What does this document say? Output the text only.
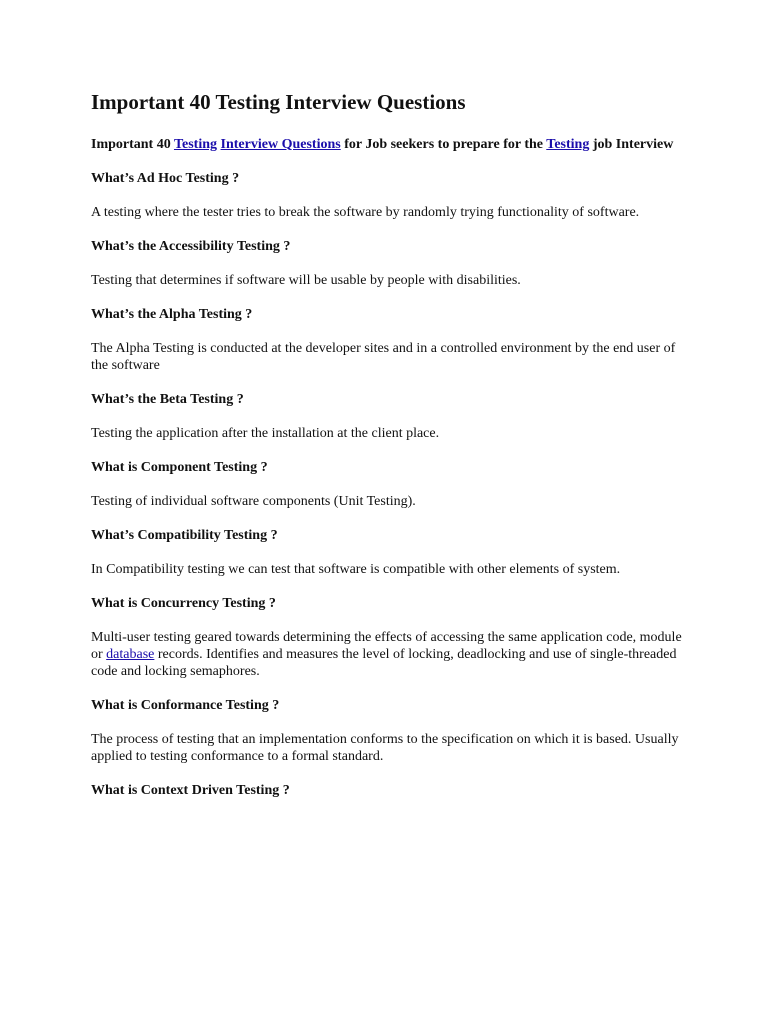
Important 40 Testing Interview Questions

Important 40 Testing Interview Questions for Job seekers to prepare for the Testing job Interview

What’s Ad Hoc Testing ?

A testing where the tester tries to break the software by randomly trying functionality of software.

What’s the Accessibility Testing ?

Testing that determines if software will be usable by people with disabilities.

What’s the Alpha Testing ?

The Alpha Testing is conducted at the developer sites and in a controlled environment by the end user of the software

What’s the Beta Testing ?

Testing the application after the installation at the client place.

What is Component Testing ?

Testing of individual software components (Unit Testing).

What’s Compatibility Testing ?

In Compatibility testing we can test that software is compatible with other elements of system.

What is Concurrency Testing ?

Multi-user testing geared towards determining the effects of accessing the same application code, module or database records. Identifies and measures the level of locking, deadlocking and use of single-threaded code and locking semaphores.

What is Conformance Testing ?

The process of testing that an implementation conforms to the specification on which it is based. Usually applied to testing conformance to a formal standard.

What is Context Driven Testing ?
